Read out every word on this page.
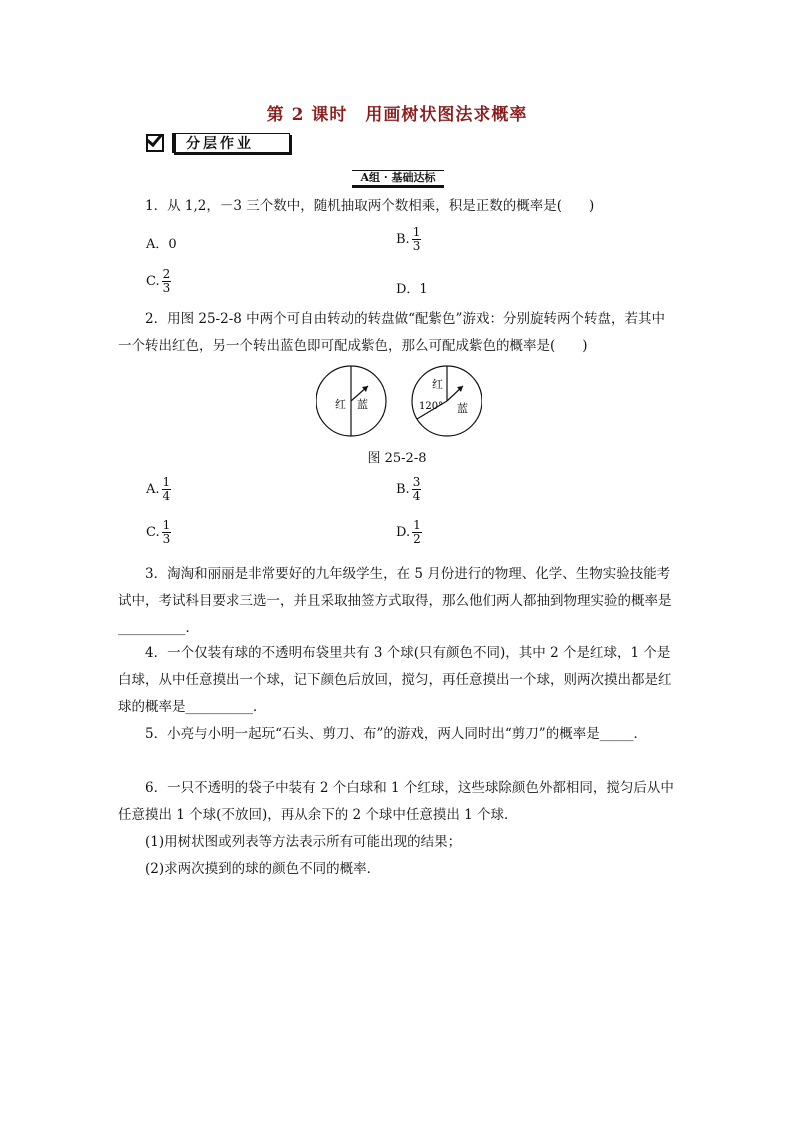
第 2 课时　用画树状图法求概率
分层作业
A组 · 基础达标
1．从 1,2，－3 三个数中，随机抽取两个数相乘，积是正数的概率是(　　)
A．0	B. $\frac{1}{3}$
C. $\frac{2}{3}$	D．1
2．用图 25-2-8 中两个可自由转动的转盘做“配紫色”游戏：分别旋转两个转盘，若其中一个转出红色，另一个转出蓝色即可配成紫色，那么可配成紫色的概率是(　　)
红 蓝
红
120° 蓝
图 25-2-8
A. $\frac{1}{4}$	B. $\frac{3}{4}$
C. $\frac{1}{3}$	D. $\frac{1}{2}$
3．淘淘和丽丽是非常要好的九年级学生，在 5 月份进行的物理、化学、生物实验技能考试中，考试科目要求三选一，并且采取抽签方式取得，那么他们两人都抽到物理实验的概率是__________．
4．一个仅装有球的不透明布袋里共有 3 个球(只有颜色不同)，其中 2 个是红球，1 个是白球，从中任意摸出一个球，记下颜色后放回，搅匀，再任意摸出一个球，则两次摸出都是红球的概率是__________．
5．小亮与小明一起玩“石头、剪刀、布”的游戏，两人同时出“剪刀”的概率是_____．
6．一只不透明的袋子中装有 2 个白球和 1 个红球，这些球除颜色外都相同，搅匀后从中任意摸出 1 个球(不放回)，再从余下的 2 个球中任意摸出 1 个球．
(1)用树状图或列表等方法表示所有可能出现的结果；
(2)求两次摸到的球的颜色不同的概率．
